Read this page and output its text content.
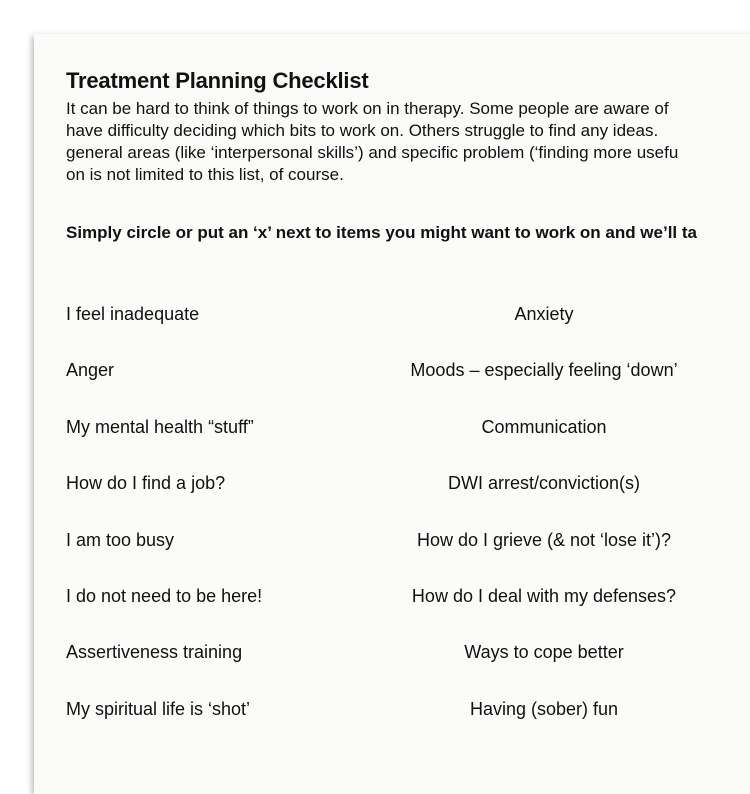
Treatment Planning Checklist

It can be hard to think of things to work on in therapy. Some people are aware of
have difficulty deciding which bits to work on. Others struggle to find any ideas.
general areas (like ‘interpersonal skills’) and specific problem (‘finding more usefu
on is not limited to this list, of course.

Simply circle or put an ‘x’ next to items you might want to work on and we’ll ta

I feel inadequate	Anxiety
Anger	Moods – especially feeling ‘down’
My mental health “stuff”	Communication
How do I find a job?	DWI arrest/conviction(s)
I am too busy	How do I grieve (& not ‘lose it’)?
I do not need to be here!	How do I deal with my defenses?
Assertiveness training	Ways to cope better
My spiritual life is ‘shot’	Having (sober) fun
